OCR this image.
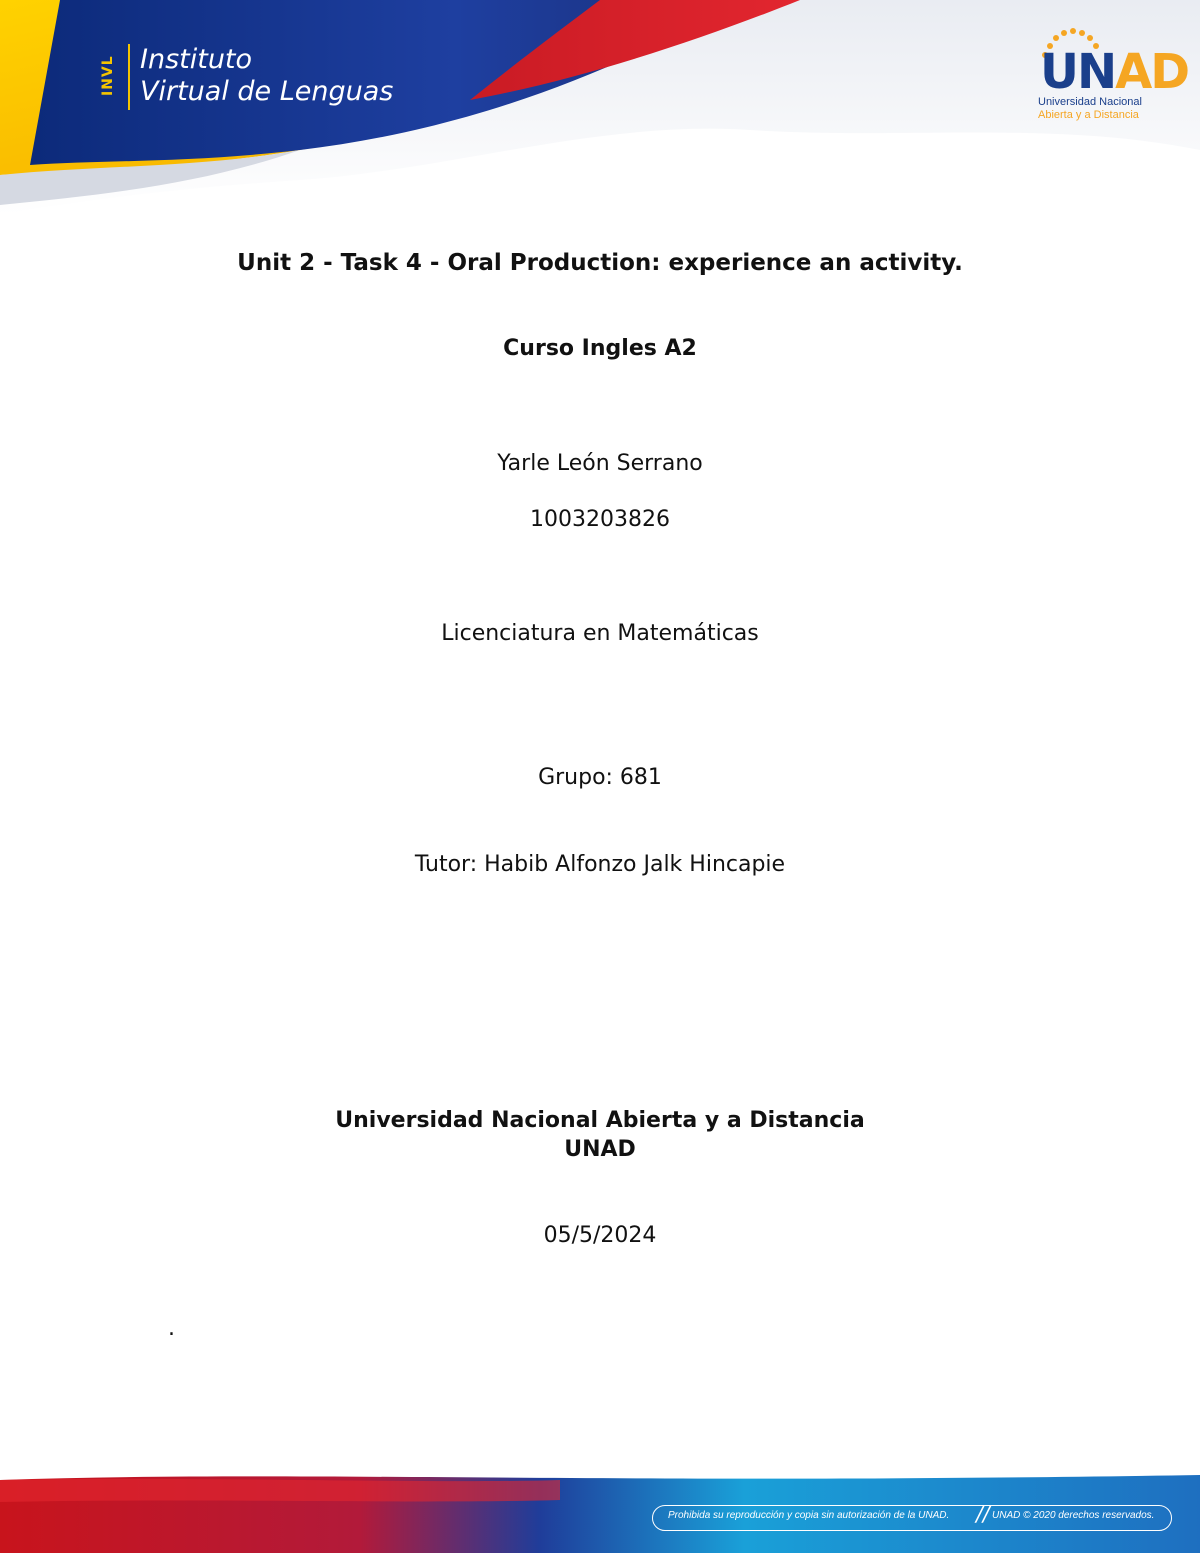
INVL Instituto
Virtual de Lenguas	UNAD
Universidad Nacional
Abierta y a Distancia
Unit 2 - Task 4 - Oral Production: experience an activity.
Curso Ingles A2
Yarle León Serrano
1003203826
Licenciatura en Matemáticas
Grupo: 681
Tutor: Habib Alfonzo Jalk Hincapie
Universidad Nacional Abierta y a Distancia
UNAD
05/5/2024
.
Prohibida su reproducción y copia sin autorización de la UNAD. // UNAD © 2020 derechos reservados.
